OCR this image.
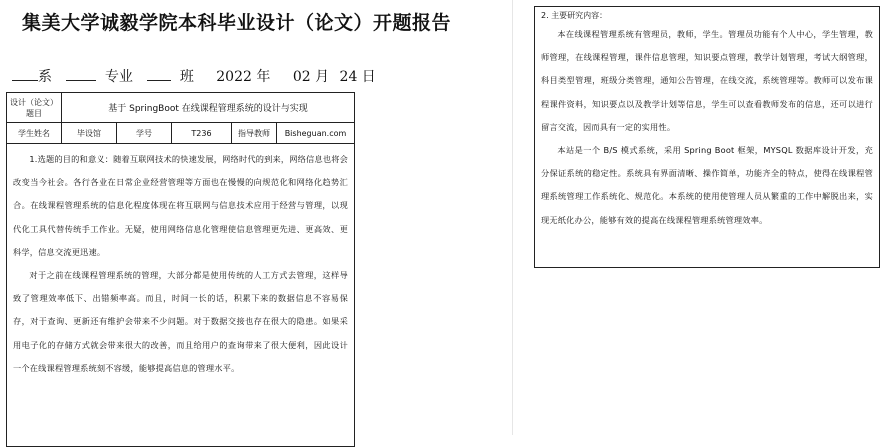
集美大学诚毅学院本科毕业设计（论文）开题报告
系	专业	班 2022 年 02 月 24 日
设计（论文）题目	基于 SpringBoot 在线课程管理系统的设计与实现				
学生姓名	毕设馆	学号	T236	指导教师	Bisheguan.com

1.选题的目的和意义：随着互联网技术的快速发展，网络时代的到来，网络信息也将会改变当今社会。各行各业在日常企业经营管理等方面也在慢慢的向规范化和网络化趋势汇合。在线课程管理系统的信息化程度体现在将互联网与信息技术应用于经营与管理，以现代化工具代替传统手工作业。无疑，使用网络信息化管理使信息管理更先进、更高效、更科学，信息交流更迅速。

对于之前在线课程管理系统的管理，大部分都是使用传统的人工方式去管理，这样导致了管理效率低下、出错频率高。而且，时间一长的话，积累下来的数据信息不容易保存，对于查询、更新还有维护会带来不少问题。对于数据交接也存在很大的隐患。如果采用电子化的存储方式就会带来很大的改善，而且给用户的查询带来了很大便利，因此设计一个在线课程管理系统刻不容缓，能够提高信息的管理水平。					

2. 主要研究内容：

本在线课程管理系统有管理员，教师，学生。管理员功能有个人中心，学生管理，教师管理，在线课程管理，课件信息管理，知识要点管理，教学计划管理，考试大纲管理，科目类型管理，班级分类管理，通知公告管理，在线交流，系统管理等。教师可以发布课程课件资料，知识要点以及教学计划等信息，学生可以查看教师发布的信息，还可以进行留言交流，因而具有一定的实用性。

本站是一个 B/S 模式系统，采用 Spring Boot 框架，MYSQL 数据库设计开发，充分保证系统的稳定性。系统具有界面清晰、操作简单，功能齐全的特点，使得在线课程管理系统管理工作系统化、规范化。本系统的使用使管理人员从繁重的工作中解脱出来，实现无纸化办公，能够有效的提高在线课程管理系统管理效率。
